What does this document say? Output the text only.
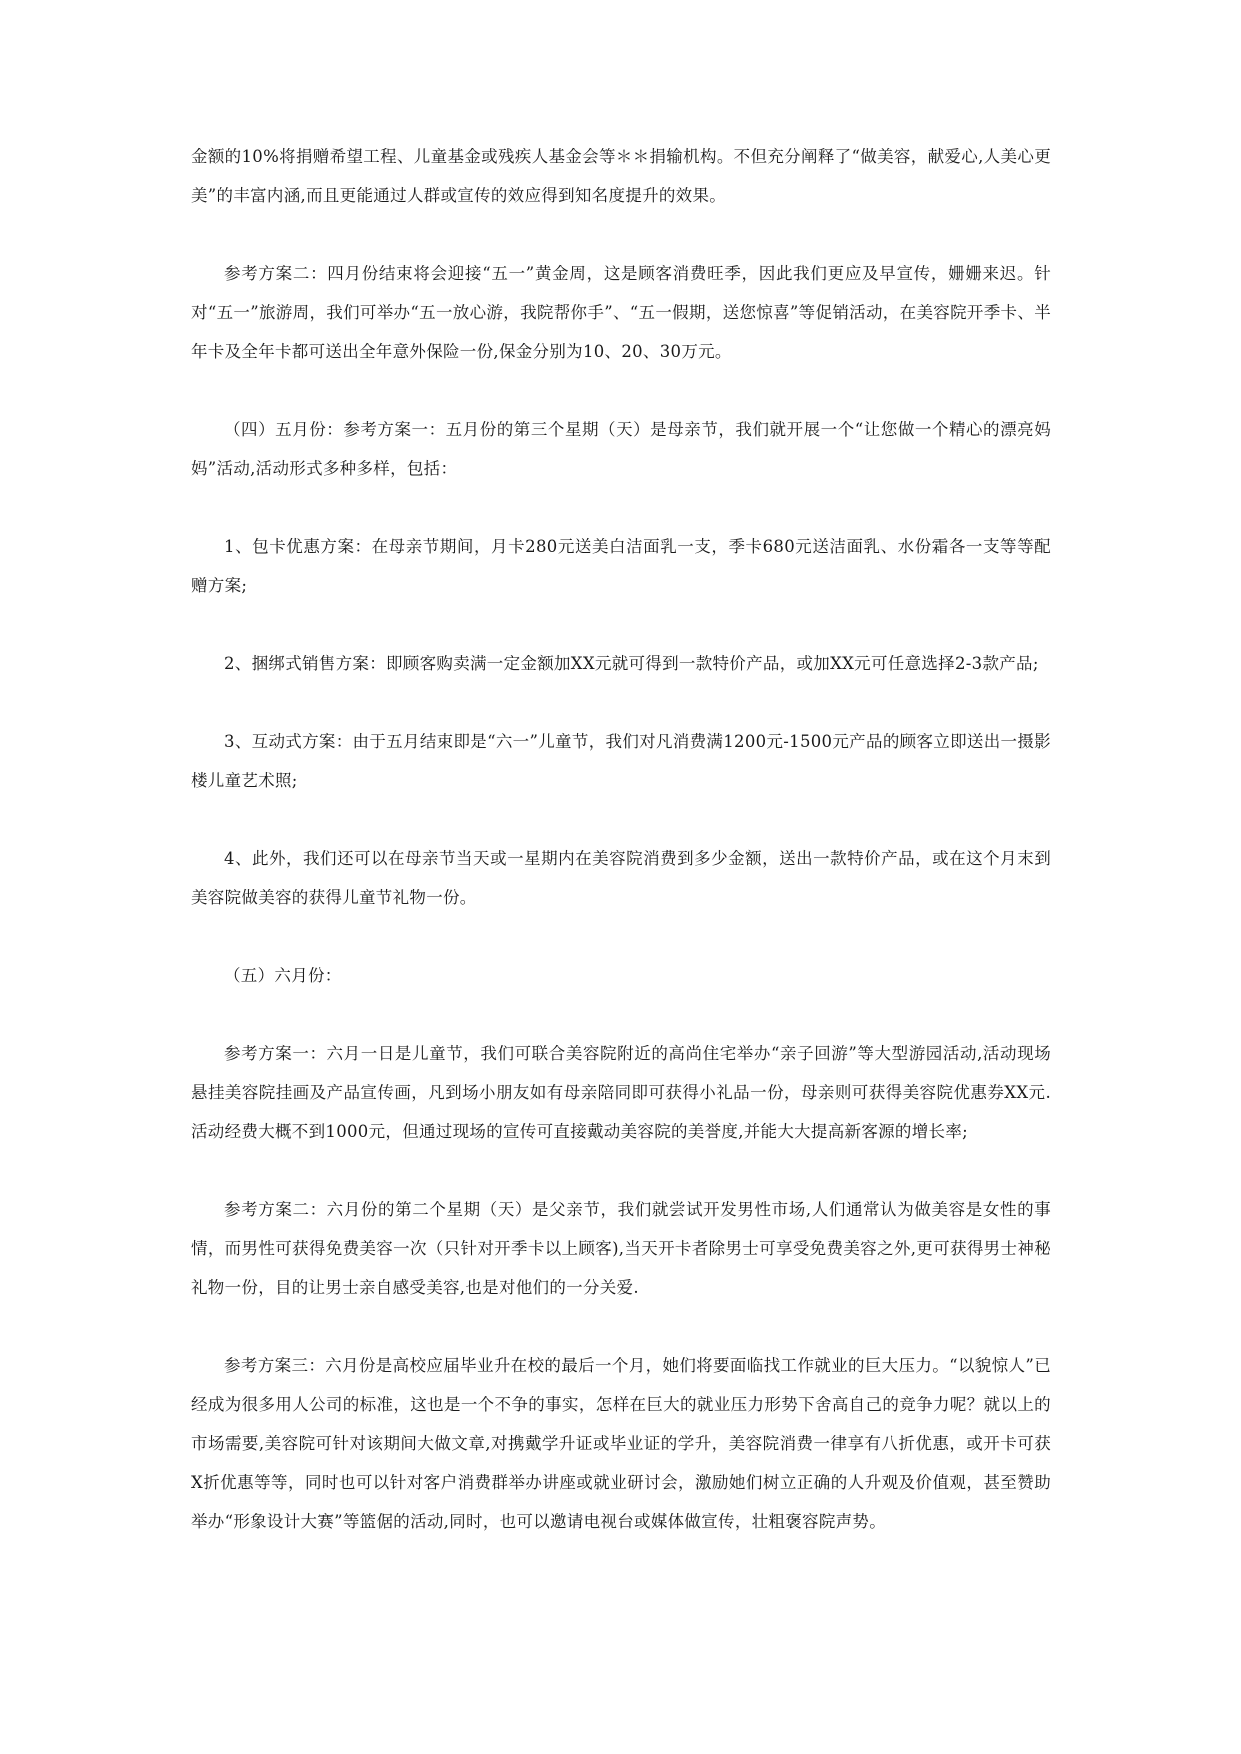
金额的10%将捐赠希望工程、儿童基金或残疾人基金会等＊＊捐输机构。不但充分阐释了“做美容，献爱心,人美心更美”的丰富内涵,而且更能通过人群或宣传的效应得到知名度提升的效果。

参考方案二：四月份结束将会迎接“五一”黄金周，这是顾客消费旺季，因此我们更应及早宣传，姗姗来迟。针对“五一”旅游周，我们可举办“五一放心游，我院帮你手”、“五一假期，送您惊喜”等促销活动，在美容院开季卡、半年卡及全年卡都可送出全年意外保险一份,保金分别为10、20、30万元。

（四）五月份：参考方案一：五月份的第三个星期（天）是母亲节，我们就开展一个“让您做一个精心的漂亮妈妈”活动,活动形式多种多样，包括：

1、包卡优惠方案：在母亲节期间，月卡280元送美白洁面乳一支，季卡680元送洁面乳、水份霜各一支等等配赠方案;

2、捆绑式销售方案：即顾客购卖满一定金额加XX元就可得到一款特价产品，或加XX元可任意选择2-3款产品;

3、互动式方案：由于五月结束即是“六一”儿童节，我们对凡消费满1200元-1500元产品的顾客立即送出一摄影楼儿童艺术照;

4、此外，我们还可以在母亲节当天或一星期内在美容院消费到多少金额，送出一款特价产品，或在这个月末到美容院做美容的获得儿童节礼物一份。

（五）六月份：

参考方案一：六月一日是儿童节，我们可联合美容院附近的高尚住宅举办“亲子回游”等大型游园活动,活动现场悬挂美容院挂画及产品宣传画，凡到场小朋友如有母亲陪同即可获得小礼品一份，母亲则可获得美容院优惠券XX元.活动经费大概不到1000元，但通过现场的宣传可直接戴动美容院的美誉度,并能大大提高新客源的增长率;

参考方案二：六月份的第二个星期（天）是父亲节，我们就尝试开发男性市场,人们通常认为做美容是女性的事情，而男性可获得免费美容一次（只针对开季卡以上顾客),当天开卡者除男士可享受免费美容之外,更可获得男士神秘礼物一份，目的让男士亲自感受美容,也是对他们的一分关爱.

参考方案三：六月份是高校应届毕业升在校的最后一个月，她们将要面临找工作就业的巨大压力。“以貌惊人”已经成为很多用人公司的标准，这也是一个不争的事实，怎样在巨大的就业压力形势下舍高自己的竞争力呢？就以上的市场需要,美容院可针对该期间大做文章,对携戴学升证或毕业证的学升，美容院消费一律享有八折优惠，或开卡可获X折优惠等等，同时也可以针对客户消费群举办讲座或就业研讨会，激励她们树立正确的人升观及价值观，甚至赞助举办“形象设计大赛”等篮倨的活动,同时，也可以邀请电视台或媒体做宣传，壮粗褒容院声势。
